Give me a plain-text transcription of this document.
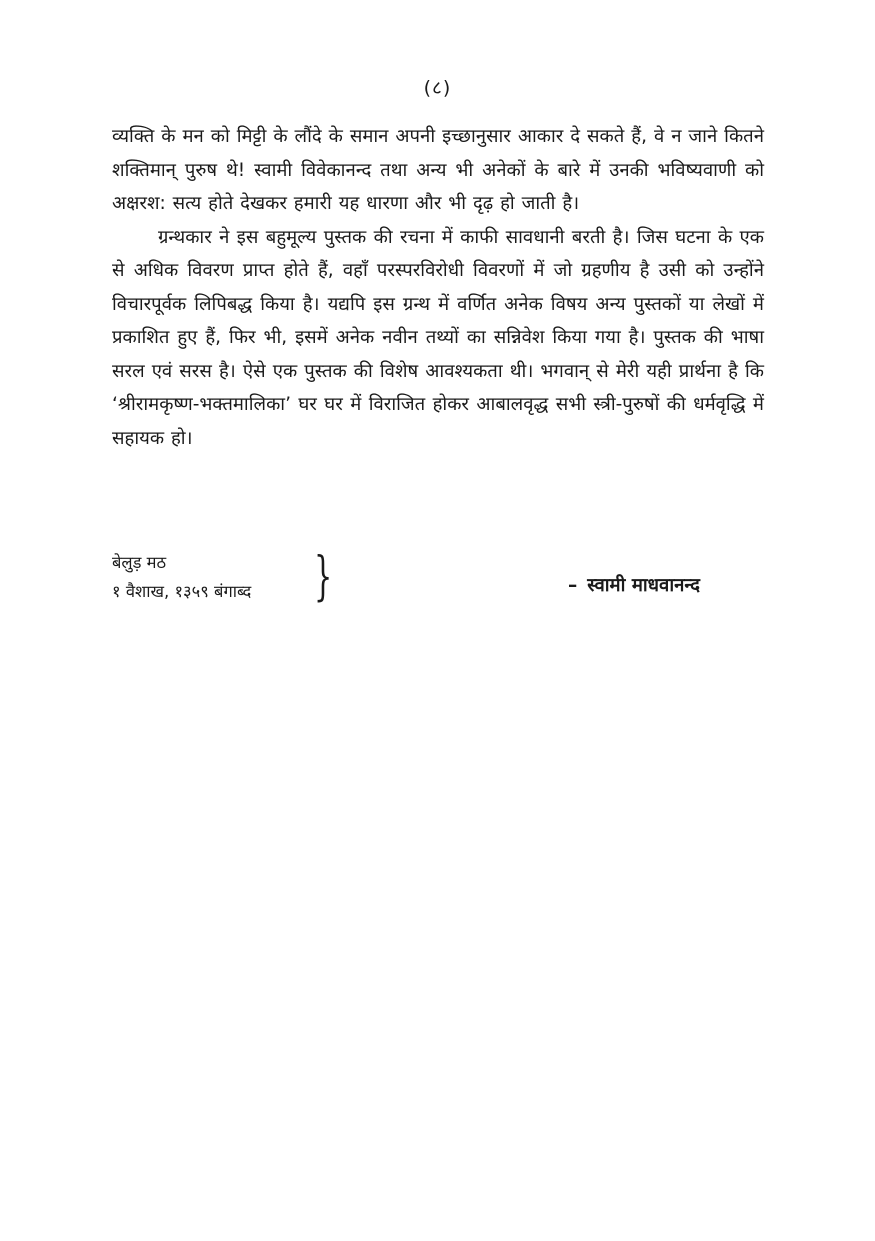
(८)

व्यक्ति के मन को मिट्टी के लौंदे के समान अपनी इच्छानुसार आकार दे सकते हैं, वे न जाने कितने शक्तिमान् पुरुष थे! स्वामी विवेकानन्द तथा अन्य भी अनेकों के बारे में उनकी भविष्यवाणी को अक्षरश: सत्य होते देखकर हमारी यह धारणा और भी दृढ़ हो जाती है।

ग्रन्थकार ने इस बहुमूल्य पुस्तक की रचना में काफी सावधानी बरती है। जिस घटना के एक से अधिक विवरण प्राप्त होते हैं, वहाँ परस्परविरोधी विवरणों में जो ग्रहणीय है उसी को उन्होंने विचारपूर्वक लिपिबद्ध किया है। यद्यपि इस ग्रन्थ में वर्णित अनेक विषय अन्य पुस्तकों या लेखों में प्रकाशित हुए हैं, फिर भी, इसमें अनेक नवीन तथ्यों का सन्निवेश किया गया है। पुस्तक की भाषा सरल एवं सरस है। ऐसे एक पुस्तक की विशेष आवश्यकता थी। भगवान् से मेरी यही प्रार्थना है कि ‘श्रीरामकृष्ण-भक्तमालिका’ घर घर में विराजित होकर आबालवृद्ध सभी स्त्री-पुरुषों की धर्मवृद्धि में सहायक हो।

बेलुड़ मठ
१ वैशाख, १३५९ बंगाब्द }	– स्वामी माधवानन्द
